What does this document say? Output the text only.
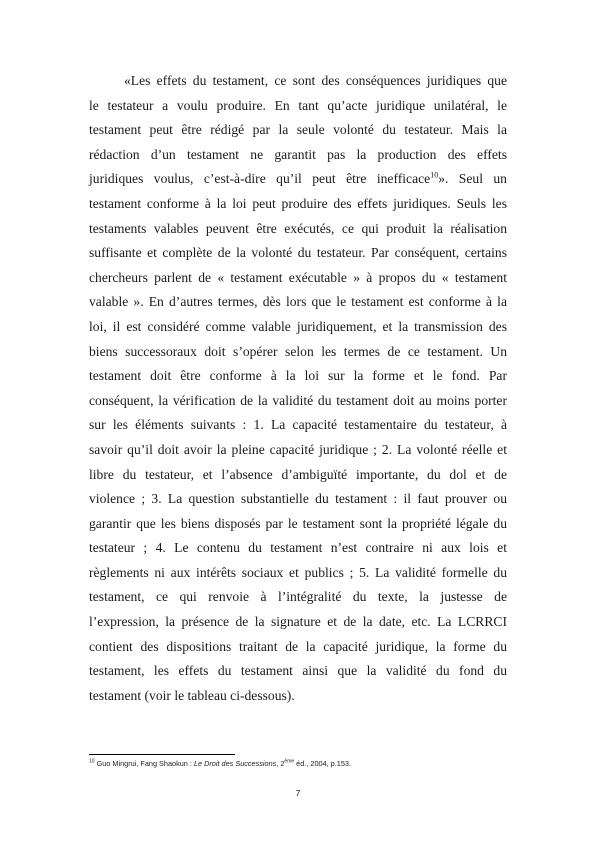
«Les effets du testament, ce sont des conséquences juridiques que
le testateur a voulu produire. En tant qu’acte juridique unilatéral, le
testament peut être rédigé par la seule volonté du testateur. Mais la
rédaction d’un testament ne garantit pas la production des effets
juridiques voulus, c’est-à-dire qu’il peut être inefficace$^{10}$». Seul un
testament conforme à la loi peut produire des effets juridiques. Seuls les
testaments valables peuvent être exécutés, ce qui produit la réalisation
suffisante et complète de la volonté du testateur. Par conséquent, certains
chercheurs parlent de « testament exécutable » à propos du « testament
valable ». En d’autres termes, dès lors que le testament est conforme à la
loi, il est considéré comme valable juridiquement, et la transmission des
biens successoraux doit s’opérer selon les termes de ce testament. Un
testament doit être conforme à la loi sur la forme et le fond. Par
conséquent, la vérification de la validité du testament doit au moins porter
sur les éléments suivants : 1. La capacité testamentaire du testateur, à
savoir qu’il doit avoir la pleine capacité juridique ; 2. La volonté réelle et
libre du testateur, et l’absence d’ambiguïté importante, du dol et de
violence ; 3. La question substantielle du testament : il faut prouver ou
garantir que les biens disposés par le testament sont la propriété légale du
testateur ; 4. Le contenu du testament n’est contraire ni aux lois et
règlements ni aux intérêts sociaux et publics ; 5. La validité formelle du
testament, ce qui renvoie à l’intégralité du texte, la justesse de
l’expression, la présence de la signature et de la date, etc. La LCRRCI
contient des dispositions traitant de la capacité juridique, la forme du
testament, les effets du testament ainsi que la validité du fond du
testament (voir le tableau ci-dessous).
$^{10}$ Guo Mingrui, Fang Shaokun : Le Droit des Successions, 2ème éd., 2004, p.153.
7
